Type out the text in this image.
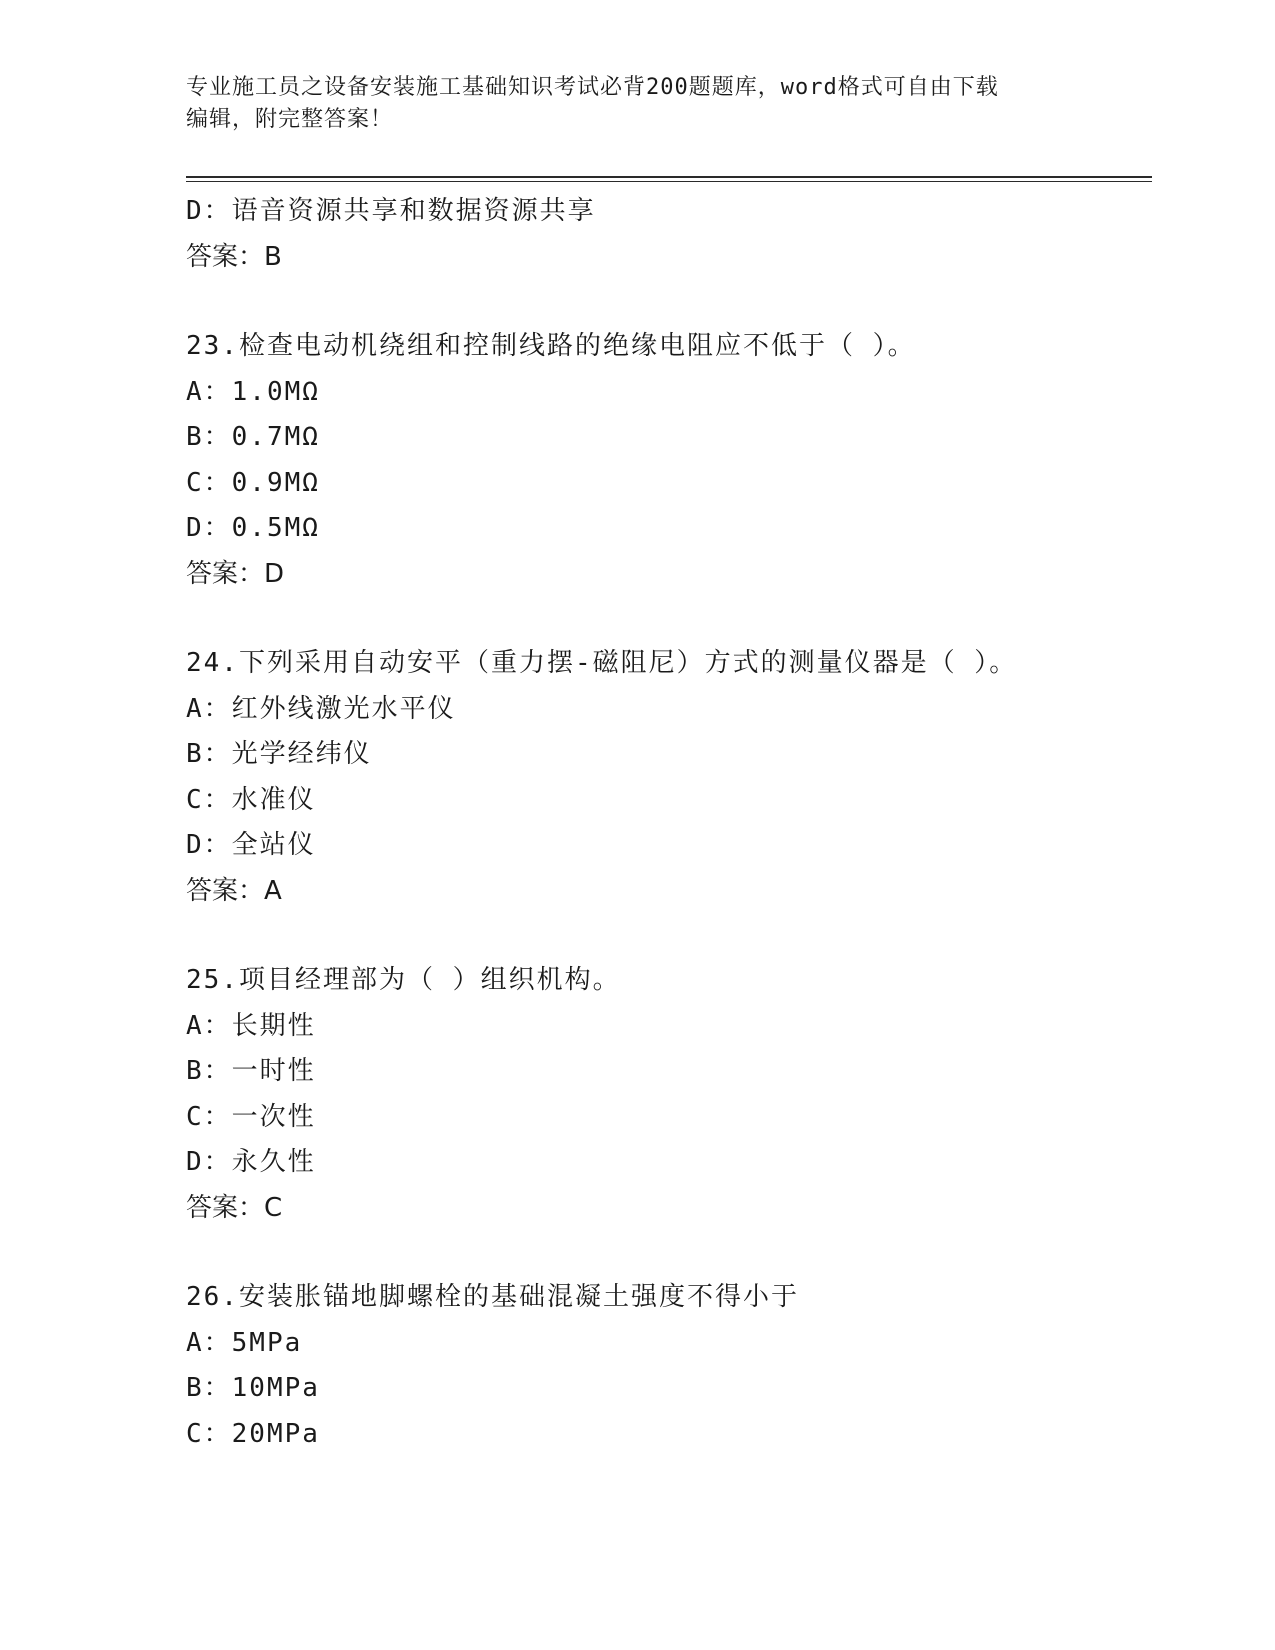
专业施工员之设备安装施工基础知识考试必背200题题库，word格式可自由下载
编辑，附完整答案！
D：语音资源共享和数据资源共享
答案：B
23.检查电动机绕组和控制线路的绝缘电阻应不低于（ ）。
A：1.0MΩ
B：0.7MΩ
C：0.9MΩ
D：0.5MΩ
答案：D
24.下列采用自动安平（重力摆-磁阻尼）方式的测量仪器是（ ）。
A：红外线激光水平仪
B：光学经纬仪
C：水准仪
D：全站仪
答案：A
25.项目经理部为（ ）组织机构。
A：长期性
B：一时性
C：一次性
D：永久性
答案：C
26.安装胀锚地脚螺栓的基础混凝土强度不得小于
A：5MPa
B：10MPa
C：20MPa
